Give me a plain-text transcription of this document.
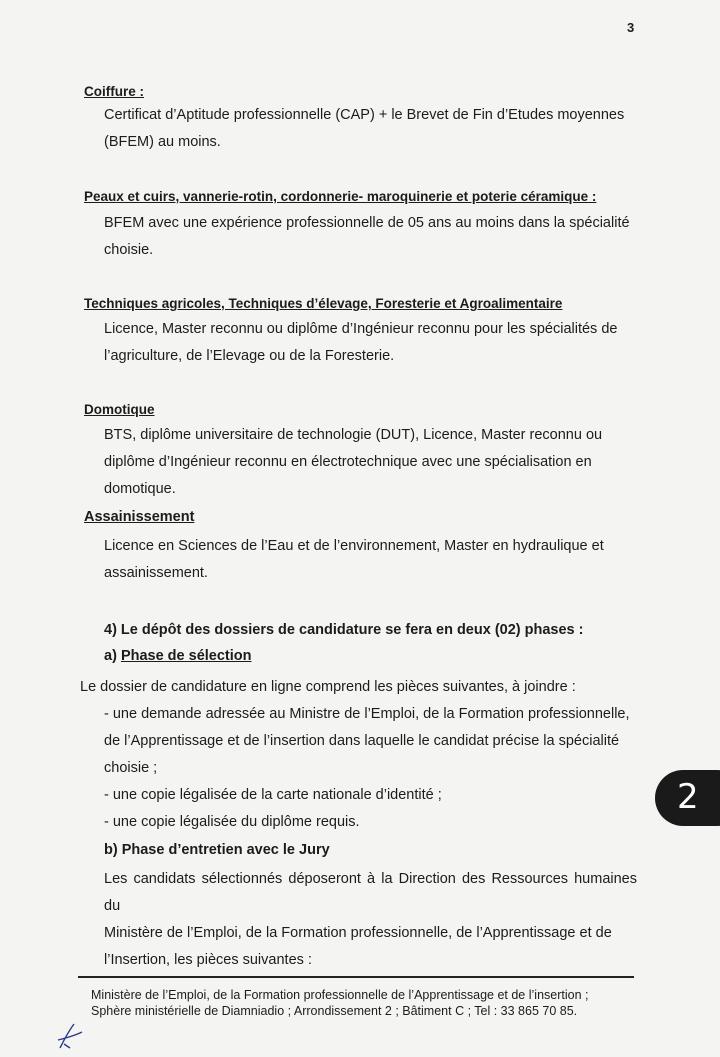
3
Coiffure :
Certificat d’Aptitude professionnelle (CAP) + le Brevet de Fin d’Etudes moyennes
(BFEM) au moins.
Peaux et cuirs, vannerie-rotin, cordonnerie- maroquinerie et poterie céramique :
BFEM avec une expérience professionnelle de 05 ans au moins dans la spécialité
choisie.
Techniques agricoles, Techniques d’élevage, Foresterie et Agroalimentaire
Licence, Master reconnu ou diplôme d’Ingénieur reconnu pour les spécialités de
l’agriculture, de l’Elevage ou de la Foresterie.
Domotique
BTS, diplôme universitaire de technologie (DUT), Licence, Master reconnu ou
diplôme d’Ingénieur reconnu en électrotechnique avec une spécialisation en
domotique.
Assainissement
Licence en Sciences de l’Eau et de l’environnement, Master en hydraulique et
assainissement.
4) Le dépôt des dossiers de candidature se fera en deux (02) phases :
a) Phase de sélection
Le dossier de candidature en ligne comprend les pièces suivantes, à joindre :
- une demande adressée au Ministre de l’Emploi, de la Formation professionnelle,
de l’Apprentissage et de l’insertion dans laquelle le candidat précise la spécialité
choisie ;
- une copie légalisée de la carte nationale d’identité ;
- une copie légalisée du diplôme requis.
b) Phase d’entretien avec le Jury
Les candidats sélectionnés déposeront à la Direction des Ressources humaines du
Ministère de l’Emploi, de la Formation professionnelle, de l’Apprentissage et de
l’Insertion, les pièces suivantes :
2
Ministère de l’Emploi, de la Formation professionnelle de l’Apprentissage et de l’insertion ;
Sphère ministérielle de Diamniadio ; Arrondissement 2 ; Bâtiment C ; Tel : 33 865 70 85.
